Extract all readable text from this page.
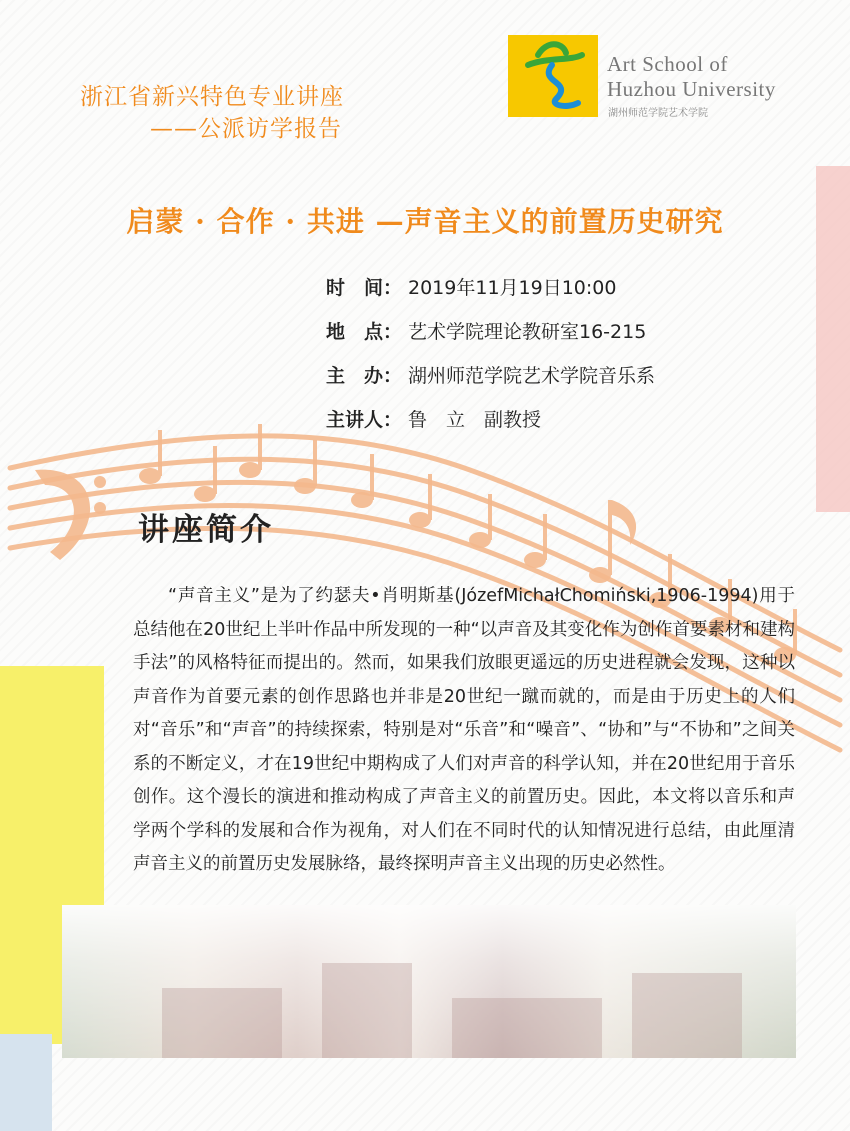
浙江省新兴特色专业讲座
——公派访学报告
Art School of
Huzhou University
湖州师范学院艺术学院
启蒙 · 合作 · 共进 —声音主义的前置历史研究
时　间： 2019年11月19日10:00
地　点： 艺术学院理论教研室16-215
主　办： 湖州师范学院艺术学院音乐系
主讲人： 鲁　立　副教授
讲座简介

“声音主义”是为了约瑟夫•肖明斯基(JózefMichałChomiński,1906-1994)用于总结他在20世纪上半叶作品中所发现的一种“以声音及其变化作为创作首要素材和建构手法”的风格特征而提出的。然而，如果我们放眼更遥远的历史进程就会发现，这种以声音作为首要元素的创作思路也并非是20世纪一蹴而就的，而是由于历史上的人们对“音乐”和“声音”的持续探索，特别是对“乐音”和“噪音”、“协和”与“不协和”之间关系的不断定义，才在19世纪中期构成了人们对声音的科学认知，并在20世纪用于音乐创作。这个漫长的演进和推动构成了声音主义的前置历史。因此，本文将以音乐和声学两个学科的发展和合作为视角，对人们在不同时代的认知情况进行总结，由此厘清声音主义的前置历史发展脉络，最终探明声音主义出现的历史必然性。
